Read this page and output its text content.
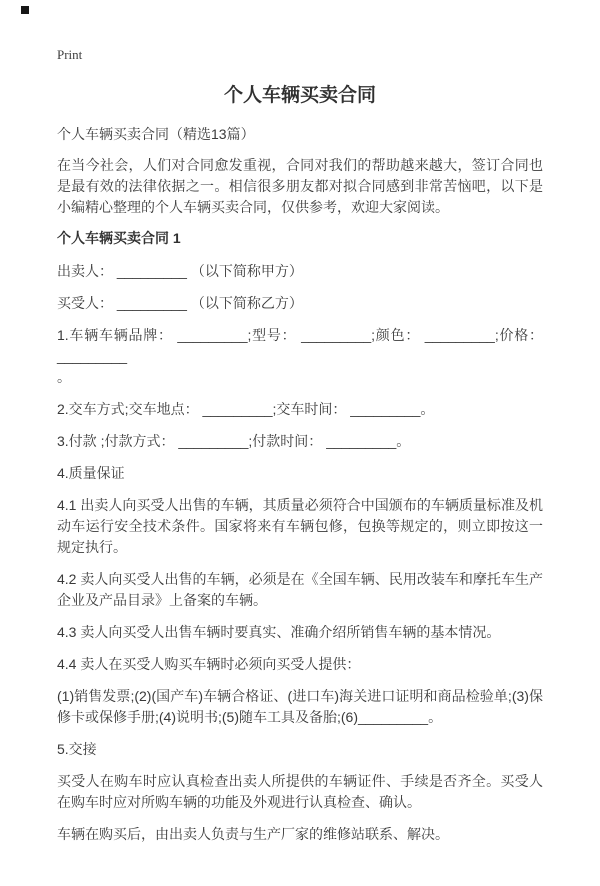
Print
个人车辆买卖合同

个人车辆买卖合同（精选13篇）

在当今社会，人们对合同愈发重视，合同对我们的帮助越来越大，签订合同也是最有效的法律依据之一。相信很多朋友都对拟合同感到非常苦恼吧，以下是小编精心整理的个人车辆买卖合同，仅供参考，欢迎大家阅读。

个人车辆买卖合同 1

出卖人： _________ （以下简称甲方）

买受人： _________ （以下简称乙方）

1.车辆车辆品牌： _________;型号： _________;颜色： _________;价格： _________
。

2.交车方式;交车地点： _________;交车时间： _________。

3.付款 ;付款方式： _________;付款时间： _________。

4.质量保证

4.1 出卖人向买受人出售的车辆，其质量必须符合中国颁布的车辆质量标准及机动车运行安全技术条件。国家将来有车辆包修，包换等规定的，则立即按这一规定执行。

4.2 卖人向买受人出售的车辆，必须是在《全国车辆、民用改装车和摩托车生产企业及产品目录》上备案的车辆。

4.3 卖人向买受人出售车辆时要真实、准确介绍所销售车辆的基本情况。

4.4 卖人在买受人购买车辆时必须向买受人提供：

(1)销售发票;(2)(国产车)车辆合格证、(进口车)海关进口证明和商品检验单;(3)保修卡或保修手册;(4)说明书;(5)随车工具及备胎;(6)_________。

5.交接

买受人在购车时应认真检查出卖人所提供的车辆证件、手续是否齐全。买受人在购车时应对所购车辆的功能及外观进行认真检查、确认。

车辆在购买后，由出卖人负责与生产厂家的维修站联系、解决。
